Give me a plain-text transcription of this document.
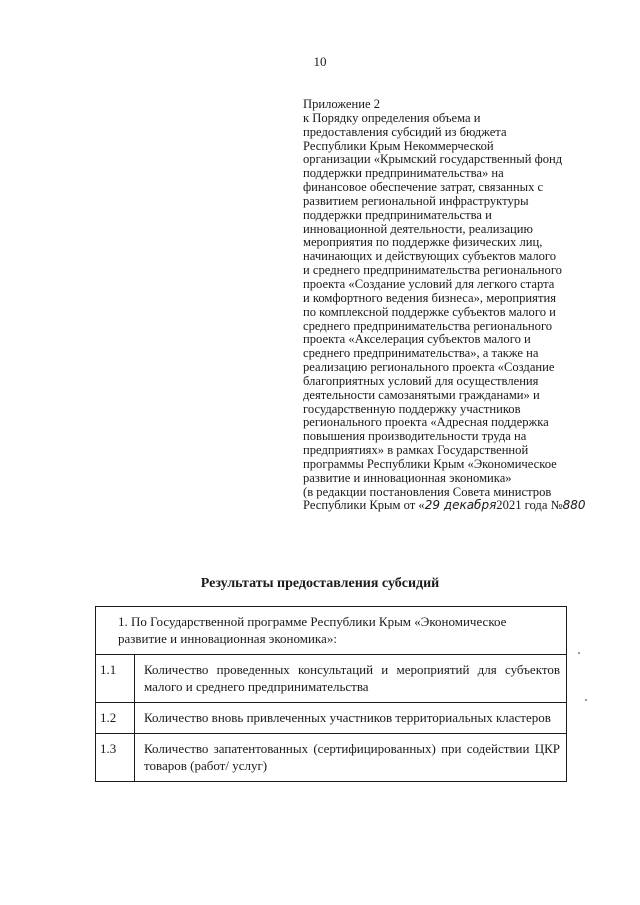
10
Приложение 2
к Порядку определения объема и
предоставления субсидий из бюджета
Республики Крым Некоммерческой
организации «Крымский государственный фонд
поддержки предпринимательства» на
финансовое обеспечение затрат, связанных с
развитием региональной инфраструктуры
поддержки предпринимательства и
инновационной деятельности, реализацию
мероприятия по поддержке физических лиц,
начинающих и действующих субъектов малого
и среднего предпринимательства регионального
проекта «Создание условий для легкого старта
и комфортного ведения бизнеса», мероприятия
по комплексной поддержке субъектов малого и
среднего предпринимательства регионального
проекта «Акселерация субъектов малого и
среднего предпринимательства», а также на
реализацию регионального проекта «Создание
благоприятных условий для осуществления
деятельности самозанятыми гражданами» и
государственную поддержку участников
регионального проекта «Адресная поддержка
повышения производительности труда на
предприятиях» в рамках Государственной
программы Республики Крым «Экономическое
развитие и инновационная экономика»
(в редакции постановления Совета министров
Республики Крым от «29 декабря2021 года №880
Результаты предоставления субсидий
1. По Государственной программе Республики Крым «Экономическое развитие и инновационная экономика»:	
1.1	Количество проведенных консультаций и мероприятий для субъектов малого и среднего предпринимательства
1.2	Количество вновь привлеченных участников территориальных кластеров
1.3	Количество запатентованных (сертифицированных) при содействии ЦКР товаров (работ/ услуг)
